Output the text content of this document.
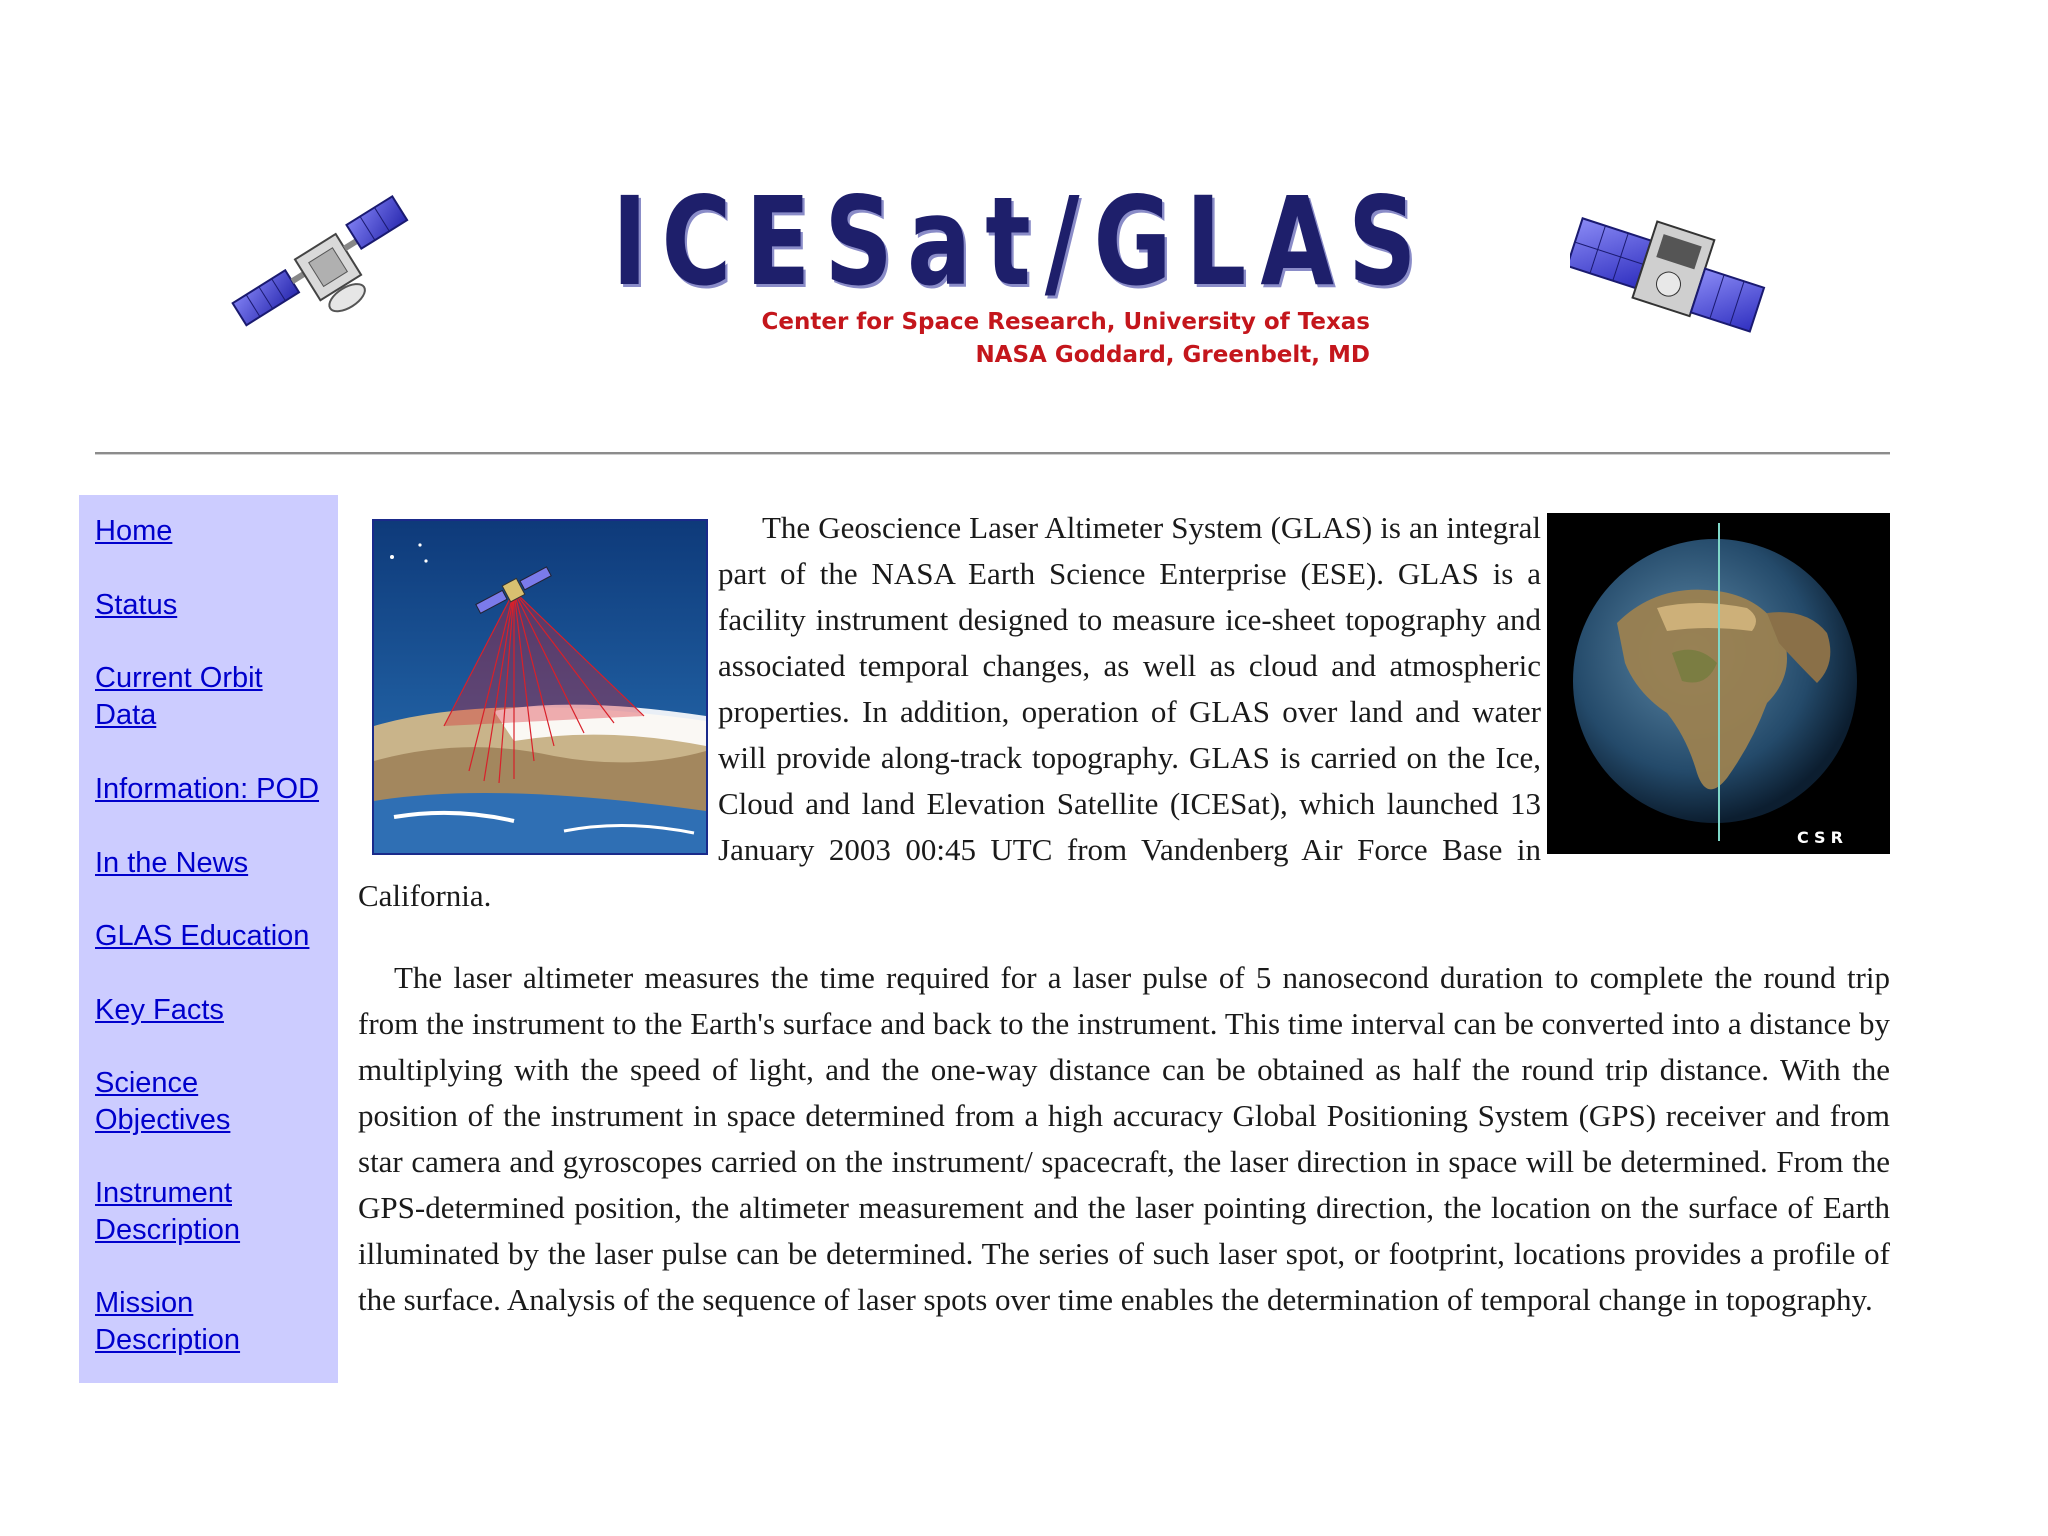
ICESat/GLAS
Center for Space Research, University of Texas
NASA Goddard, Greenbelt, MD
Home
Status
Current Orbit Data
Information: POD
In the News
GLAS Education
Key Facts
Science Objectives
Instrument Description
Mission Description
CSR

The Geoscience Laser Altimeter System (GLAS) is an integral part of the NASA Earth Science Enterprise (ESE). GLAS is a facility instrument designed to measure ice-sheet topography and associated temporal changes, as well as cloud and atmospheric properties. In addition, operation of GLAS over land and water will provide along-track topography. GLAS is carried on the Ice, Cloud and land Elevation Satellite (ICESat), which launched 13 January 2003 00:45 UTC from Vandenberg Air Force Base in California.

The laser altimeter measures the time required for a laser pulse of 5 nanosecond duration to complete the round trip from the instrument to the Earth's surface and back to the instrument. This time interval can be converted into a distance by multiplying with the speed of light, and the one-way distance can be obtained as half the round trip distance. With the position of the instrument in space determined from a high accuracy Global Positioning System (GPS) receiver and from star camera and gyroscopes carried on the instrument/ spacecraft, the laser direction in space will be determined. From the GPS-determined position, the altimeter measurement and the laser pointing direction, the location on the surface of Earth illuminated by the laser pulse can be determined. The series of such laser spot, or footprint, locations provides a profile of the surface. Analysis of the sequence of laser spots over time enables the determination of temporal change in topography.
